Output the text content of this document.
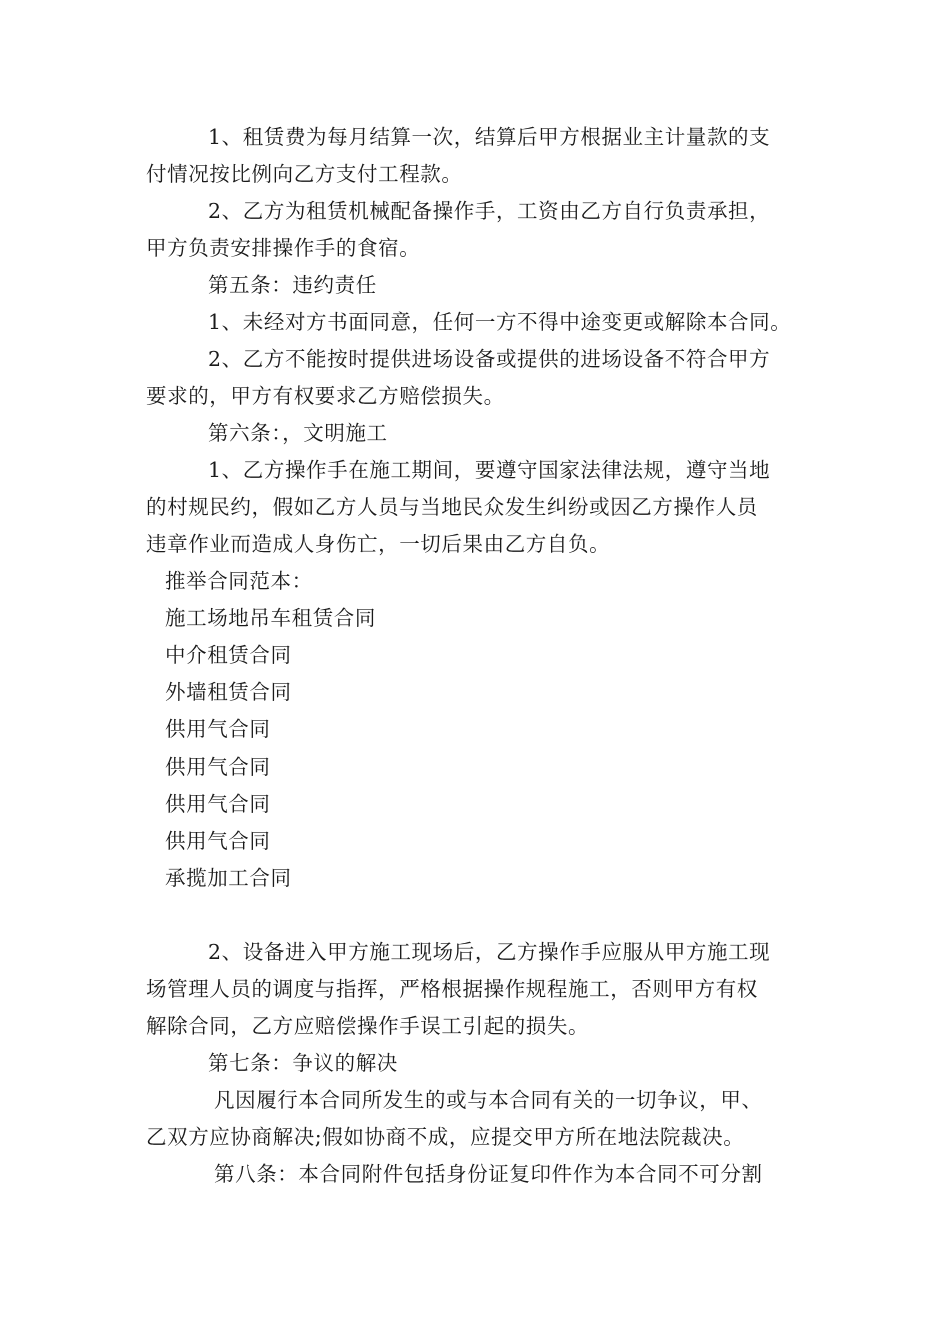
1、租赁费为每月结算一次，结算后甲方根据业主计量款的支
付情况按比例向乙方支付工程款。
2、乙方为租赁机械配备操作手，工资由乙方自行负责承担，
甲方负责安排操作手的食宿。
第五条：违约责任
1、未经对方书面同意，任何一方不得中途变更或解除本合同。
2、乙方不能按时提供进场设备或提供的进场设备不符合甲方
要求的，甲方有权要求乙方赔偿损失。
第六条：，文明施工
1、乙方操作手在施工期间，要遵守国家法律法规，遵守当地
的村规民约，假如乙方人员与当地民众发生纠纷或因乙方操作人员
违章作业而造成人身伤亡，一切后果由乙方自负。
推举合同范本：
施工场地吊车租赁合同
中介租赁合同
外墙租赁合同
供用气合同
供用气合同
供用气合同
供用气合同
承揽加工合同
2、设备进入甲方施工现场后，乙方操作手应服从甲方施工现
场管理人员的调度与指挥，严格根据操作规程施工，否则甲方有权
解除合同，乙方应赔偿操作手误工引起的损失。
第七条：争议的解决
凡因履行本合同所发生的或与本合同有关的一切争议，甲、
乙双方应协商解决;假如协商不成，应提交甲方所在地法院裁决。
第八条：本合同附件包括身份证复印件作为本合同不可分割
